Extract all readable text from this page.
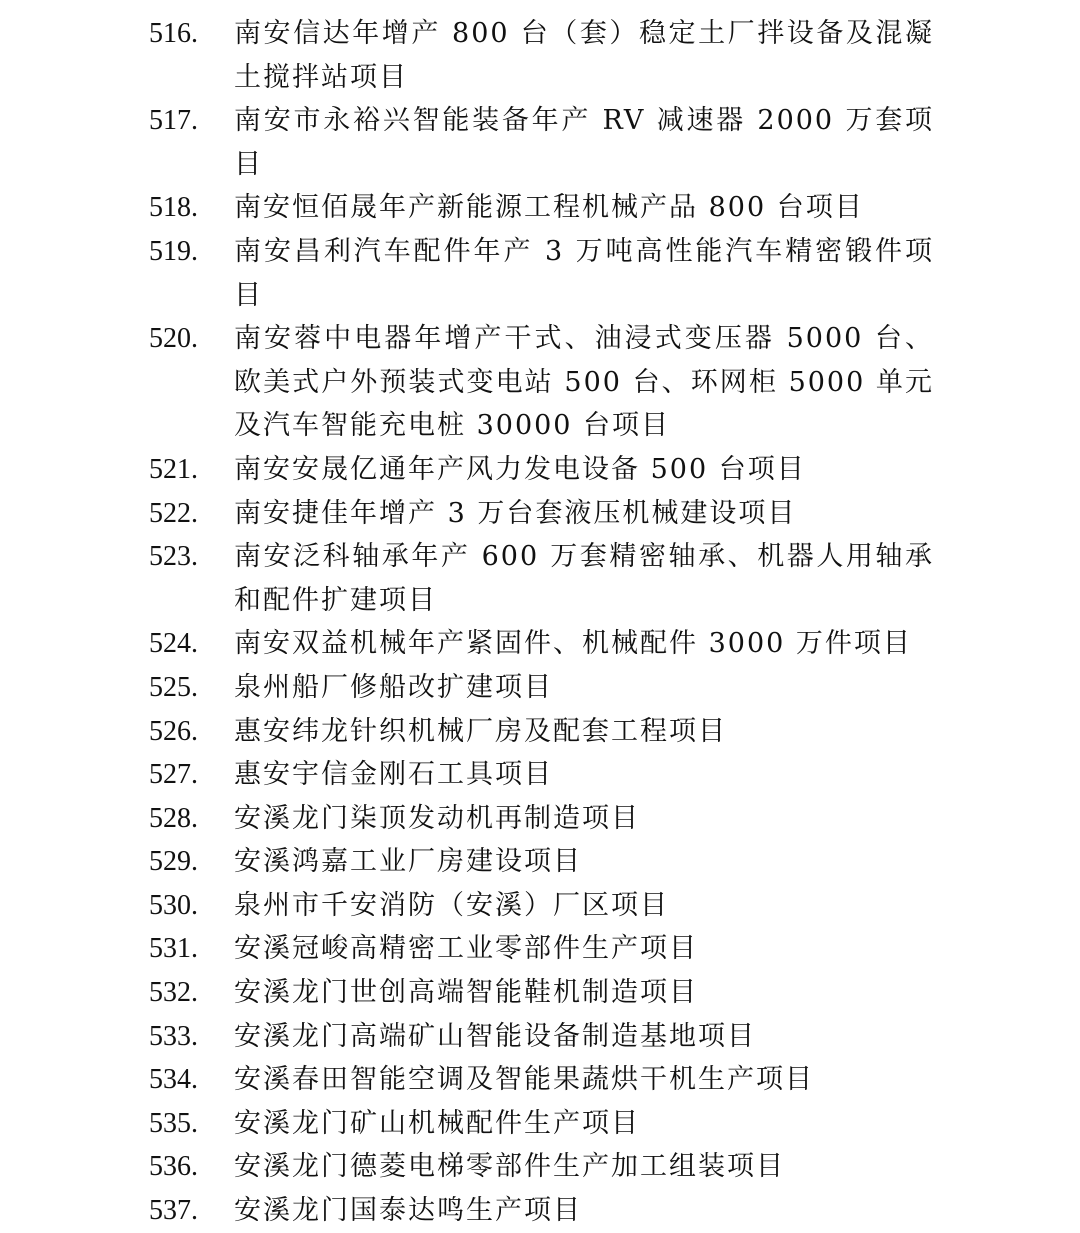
516. 南安信达年增产 800 台（套）稳定土厂拌设备及混凝土搅拌站项目
517. 南安市永裕兴智能装备年产 RV 减速器 2000 万套项目
518. 南安恒佰晟年产新能源工程机械产品 800 台项目
519. 南安昌利汽车配件年产 3 万吨高性能汽车精密锻件项目
520. 南安蓉中电器年增产干式、油浸式变压器 5000 台、欧美式户外预装式变电站 500 台、环网柜 5000 单元及汽车智能充电桩 30000 台项目
521. 南安安晟亿通年产风力发电设备 500 台项目
522. 南安捷佳年增产 3 万台套液压机械建设项目
523. 南安泛科轴承年产 600 万套精密轴承、机器人用轴承和配件扩建项目
524. 南安双益机械年产紧固件、机械配件 3000 万件项目
525. 泉州船厂修船改扩建项目
526. 惠安纬龙针织机械厂房及配套工程项目
527. 惠安宇信金刚石工具项目
528. 安溪龙门柒顶发动机再制造项目
529. 安溪鸿嘉工业厂房建设项目
530. 泉州市千安消防（安溪）厂区项目
531. 安溪冠峻高精密工业零部件生产项目
532. 安溪龙门世创高端智能鞋机制造项目
533. 安溪龙门高端矿山智能设备制造基地项目
534. 安溪春田智能空调及智能果蔬烘干机生产项目
535. 安溪龙门矿山机械配件生产项目
536. 安溪龙门德菱电梯零部件生产加工组装项目
537. 安溪龙门国泰达鸣生产项目
